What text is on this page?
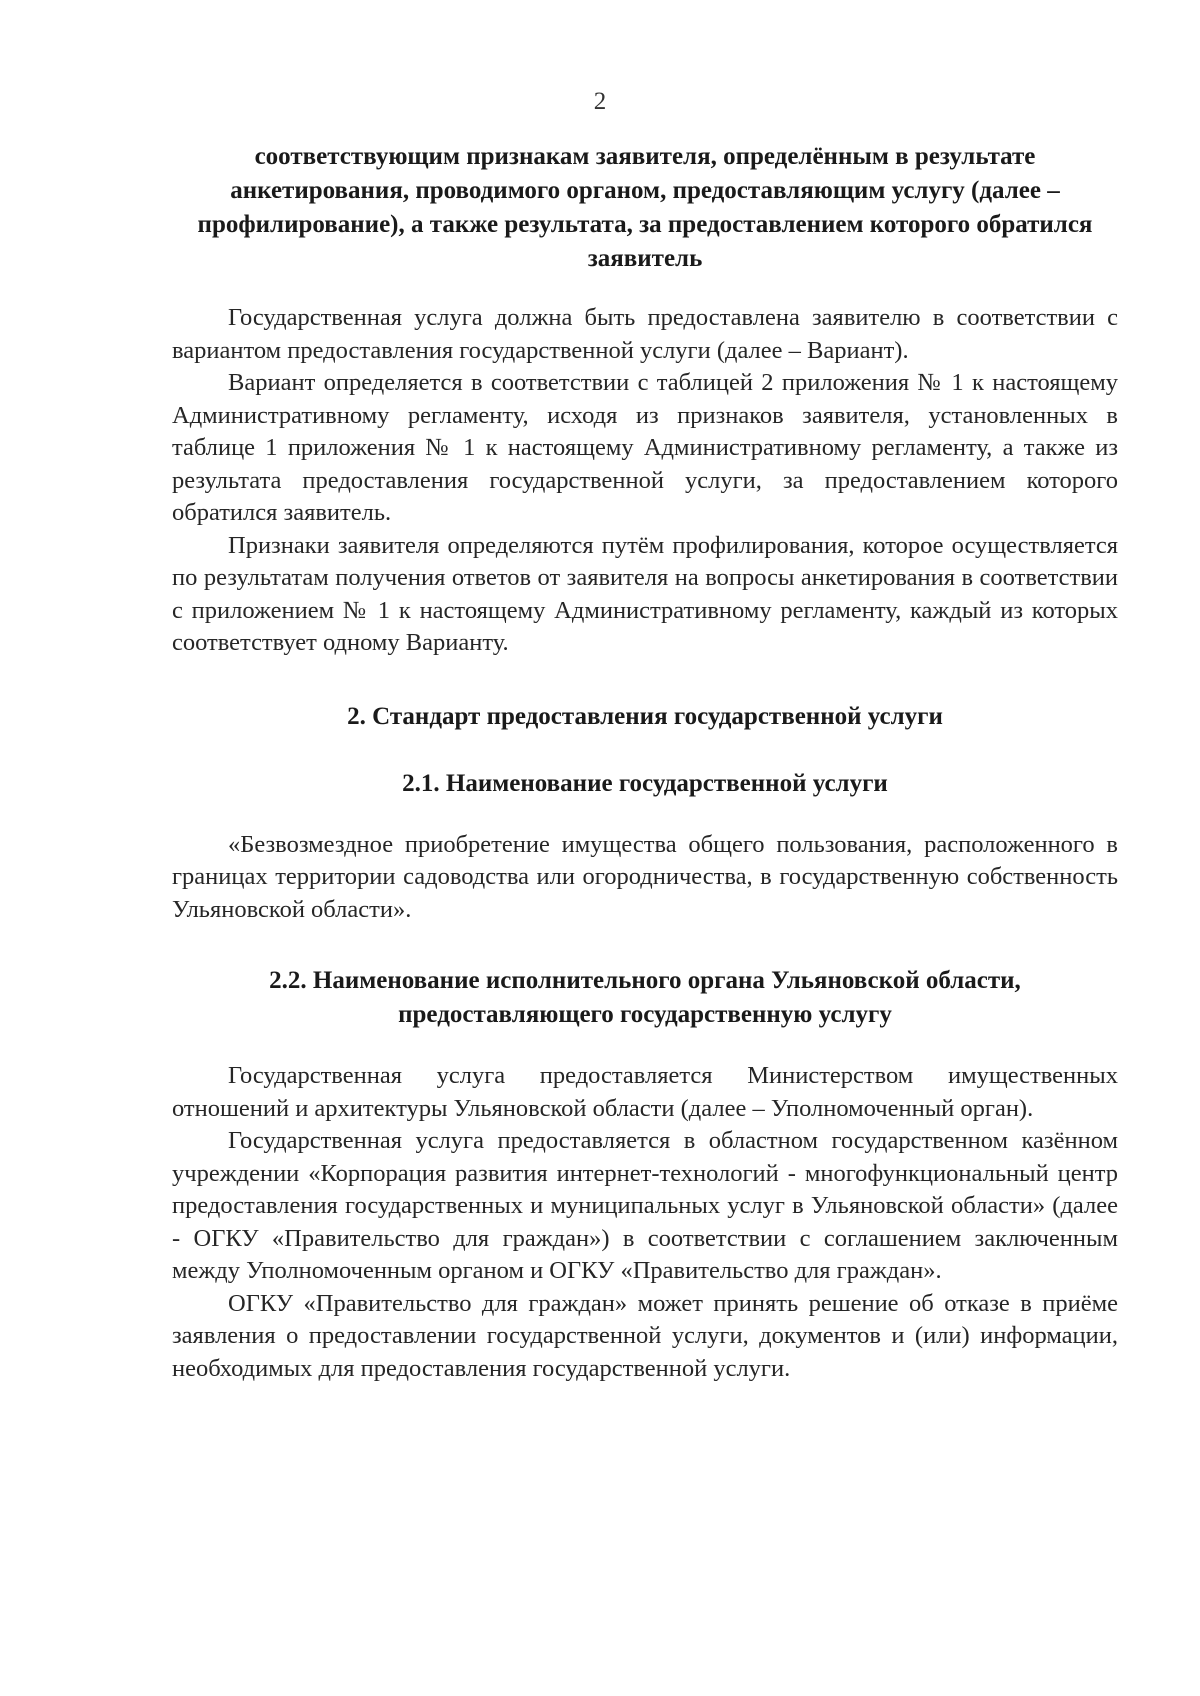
2
соответствующим признакам заявителя, определённым в результате анкетирования, проводимого органом, предоставляющим услугу (далее – профилирование), а также результата, за предоставлением которого обратился заявитель

Государственная услуга должна быть предоставлена заявителю в соответствии с вариантом предоставления государственной услуги (далее – Вариант).

Вариант определяется в соответствии с таблицей 2 приложения № 1 к настоящему Административному регламенту, исходя из признаков заявителя, установленных в таблице 1 приложения № 1 к настоящему Административному регламенту, а также из результата предоставления государственной услуги, за предоставлением которого обратился заявитель.

Признаки заявителя определяются путём профилирования, которое осуществляется по результатам получения ответов от заявителя на вопросы анкетирования в соответствии с приложением № 1 к настоящему Административному регламенту, каждый из которых соответствует одному Варианту.

2. Стандарт предоставления государственной услуги
2.1. Наименование государственной услуги

«Безвозмездное приобретение имущества общего пользования, расположенного в границах территории садоводства или огородничества, в государственную собственность Ульяновской области».

2.2. Наименование исполнительного органа Ульяновской области,
предоставляющего государственную услугу

Государственная услуга предоставляется Министерством имущественных отношений и архитектуры Ульяновской области (далее – Уполномоченный орган).

Государственная услуга предоставляется в областном государственном казённом учреждении «Корпорация развития интернет-технологий - многофункциональный центр предоставления государственных и муниципальных услуг в Ульяновской области» (далее - ОГКУ «Правительство для граждан») в соответствии с соглашением заключенным между Уполномоченным органом и ОГКУ «Правительство для граждан».

ОГКУ «Правительство для граждан» может принять решение об отказе в приёме заявления о предоставлении государственной услуги, документов и (или) информации, необходимых для предоставления государственной услуги.
